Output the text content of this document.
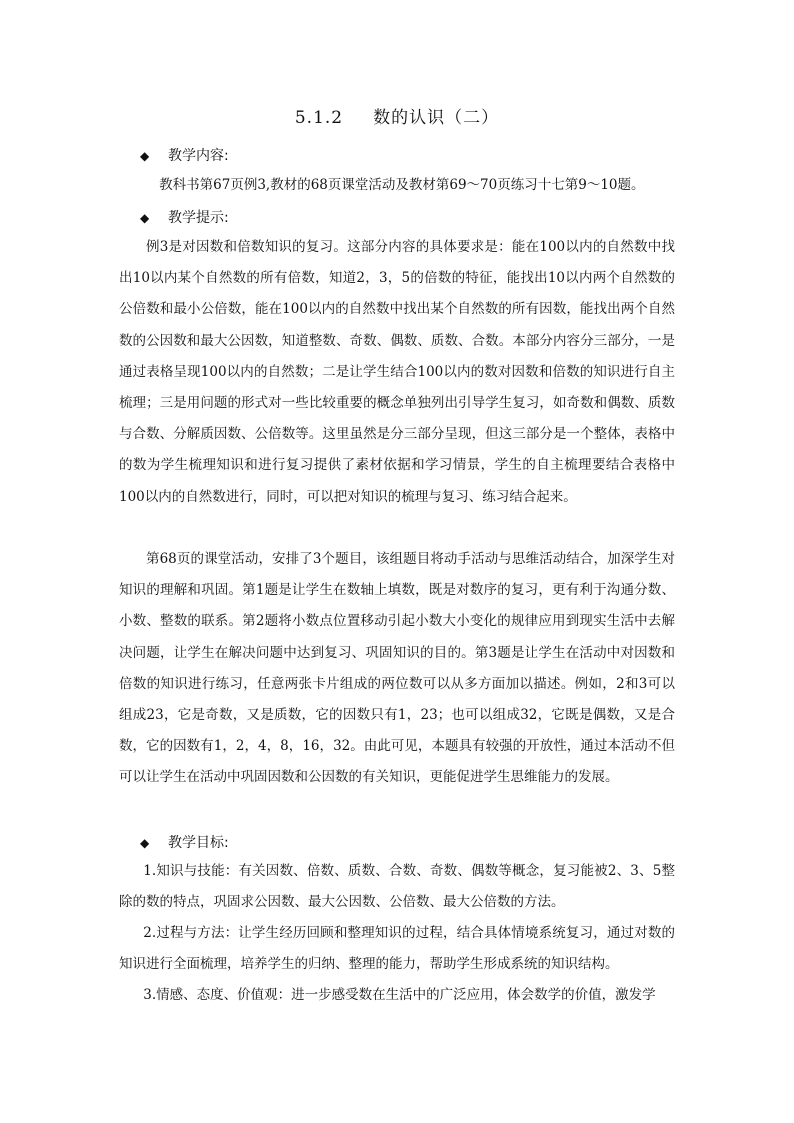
5.1.2 数的认识（二）
◆ 教学内容:

教科书第67页例3,教材的68页课堂活动及教材第69～70页练习十七第9～10题。

◆ 教学提示:

例3是对因数和倍数知识的复习。这部分内容的具体要求是：能在100以内的自然数中找出10以内某个自然数的所有倍数，知道2，3，5的倍数的特征，能找出10以内两个自然数的公倍数和最小公倍数，能在100以内的自然数中找出某个自然数的所有因数，能找出两个自然数的公因数和最大公因数，知道整数、奇数、偶数、质数、合数。本部分内容分三部分，一是通过表格呈现100以内的自然数；二是让学生结合100以内的数对因数和倍数的知识进行自主梳理；三是用问题的形式对一些比较重要的概念单独列出引导学生复习，如奇数和偶数、质数与合数、分解质因数、公倍数等。这里虽然是分三部分呈现，但这三部分是一个整体，表格中的数为学生梳理知识和进行复习提供了素材依据和学习情景，学生的自主梳理要结合表格中100以内的自然数进行，同时，可以把对知识的梳理与复习、练习结合起来。

第68页的课堂活动，安排了3个题目，该组题目将动手活动与思维活动结合，加深学生对知识的理解和巩固。第1题是让学生在数轴上填数，既是对数序的复习，更有利于沟通分数、小数、整数的联系。第2题将小数点位置移动引起小数大小变化的规律应用到现实生活中去解决问题，让学生在解决问题中达到复习、巩固知识的目的。第3题是让学生在活动中对因数和倍数的知识进行练习，任意两张卡片组成的两位数可以从多方面加以描述。例如，2和3可以组成23，它是奇数，又是质数，它的因数只有1，23；也可以组成32，它既是偶数，又是合数，它的因数有1，2，4，8，16，32。由此可见，本题具有较强的开放性，通过本活动不但可以让学生在活动中巩固因数和公因数的有关知识，更能促进学生思维能力的发展。

◆ 教学目标:

1.知识与技能：有关因数、倍数、质数、合数、奇数、偶数等概念，复习能被2、3、5整除的数的特点，巩固求公因数、最大公因数、公倍数、最大公倍数的方法。

2.过程与方法：让学生经历回顾和整理知识的过程，结合具体情境系统复习，通过对数的知识进行全面梳理，培养学生的归纳、整理的能力，帮助学生形成系统的知识结构。

3.情感、态度、价值观：进一步感受数在生活中的广泛应用，体会数学的价值，激发学
